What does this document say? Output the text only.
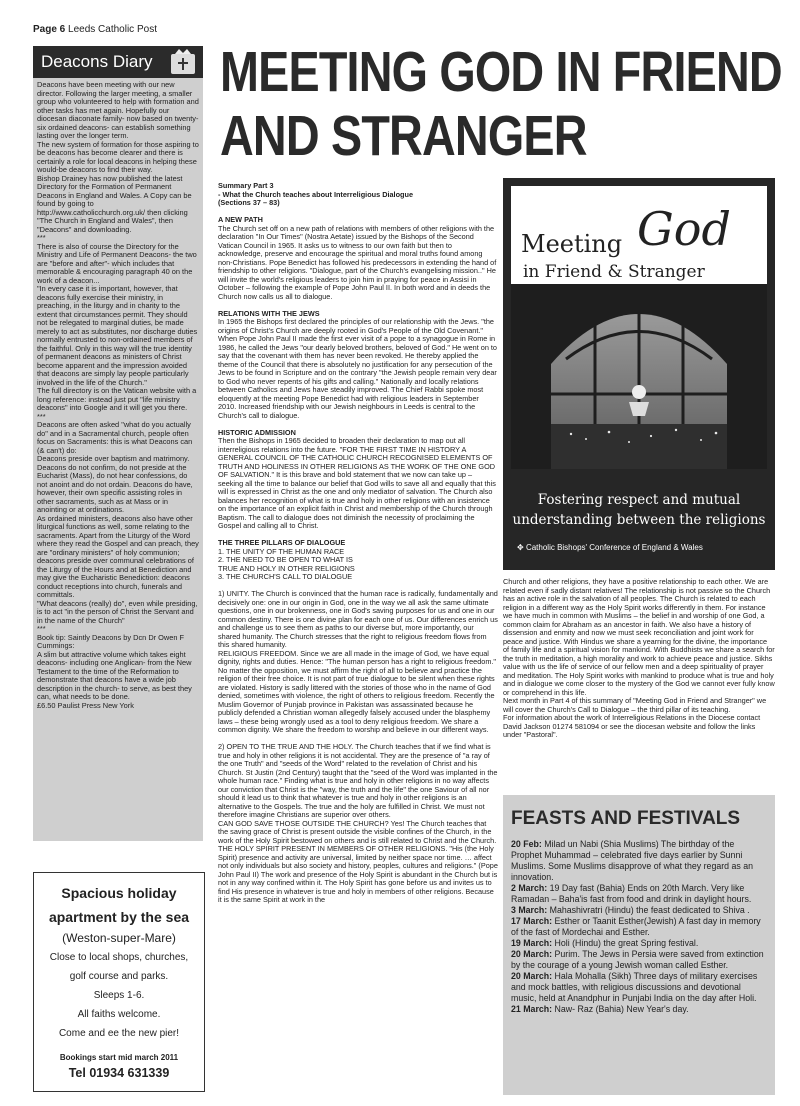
Page 6 Leeds Catholic Post
Deacons Diary
Deacons have been meeting with our new director. Following the larger meeting, a smaller group who volunteered to help with formation and other tasks has met again. Hopefully our diocesan diaconate family- now based on twenty-six ordained deacons- can establish something lasting over the longer term.
The new system of formation for those aspiring to be deacons has become clearer and there is certainly a role for local deacons in helping these would-be deacons to find their way.
Bishop Drainey has now published the latest Directory for the Formation of Permanent Deacons in England and Wales. A Copy can be found by going to http://www.catholicchurch.org.uk/ then clicking "The Church in England and Wales", then "Deacons" and downloading.
***
There is also of course the Directory for the Ministry and Life of Permanent Deacons- the two are "before and after"- which includes that memorable & encouraging paragraph 40 on the work of a deacon...
"In every case it is important, however, that deacons fully exercise their ministry, in preaching, in the liturgy and in charity to the extent that circumstances permit. They should not be relegated to marginal duties, be made merely to act as substitutes, nor discharge duties normally entrusted to non-ordained members of the faithful. Only in this way will the true identity of permanent deacons as ministers of Christ become apparent and the impression avoided that deacons are simply lay people particularly involved in the life of the Church."
The full directory is on the Vatican website with a long reference: instead just put "life ministry deacons" into Google and it will get you there.
***
Deacons are often asked "what do you actually do" and in a Sacramental church, people often focus on Sacraments: this is what Deacons can (& can't) do:
Deacons preside over baptism and matrimony. Deacons do not confirm, do not preside at the Eucharist (Mass), do not hear confessions, do not anoint and do not ordain. Deacons do have, however, their own specific assisting roles in other sacraments, such as at Mass or in anointing or at ordinations.
As ordained ministers, deacons also have other liturgical functions as well, some relating to the sacraments. Apart from the Liturgy of the Word where they read the Gospel and can preach, they are "ordinary ministers" of holy communion; deacons preside over communal celebrations of the Liturgy of the Hours and at Benediction and may give the Eucharistic Benediction: deacons conduct receptions into church, funerals and committals.
"What deacons (really) do", even while presiding, is to act "in the person of Christ the Servant and in the name of the Church"
***
Book tip: Saintly Deacons by Dcn Dr Owen F Cummings:
A slim but attractive volume which takes eight deacons- including one Anglican- from the New Testament to the time of the Reformation to demonstrate that deacons have a wide job description in the church- to serve, as best they can, what needs to be done.
£6.50 Paulist Press New York
MEETING GOD IN FRIEND
AND STRANGER
Summary Part 3
- What the Church teaches about Interreligious Dialogue
(Sections 37 – 83)

A NEW PATH
The Church set off on a new path of relations with members of other religions with the declaration "In Our Times" (Nostra Aetate) issued by the Bishops of the Second Vatican Council in 1965. It asks us to witness to our own faith but then to acknowledge, preserve and encourage the spiritual and moral truths found among non-Christians. Pope Benedict has followed his predecessors in extending the hand of friendship to other religions. "Dialogue, part of the Church's evangelising mission.." He will invite the world's religious leaders to join him in praying for peace in Assisi in October – following the example of Pope John Paul II. In both word and in deeds the Church now calls us all to dialogue.

RELATIONS WITH THE JEWS
In 1965 the Bishops first declared the principles of our relationship with the Jews. "the origins of Christ's Church are deeply rooted in God's People of the Old Covenant." When Pope John Paul II made the first ever visit of a pope to a synagogue in Rome in 1986, he called the Jews "our dearly beloved brothers, beloved of God." He went on to say that the covenant with them has never been revoked. He thereby applied the theme of the Council that there is absolutely no justification for any persecution of the Jews to be found in Scripture and on the contrary "the Jewish people remain very dear to God who never repents of his gifts and calling." Nationally and locally relations between Catholics and Jews have steadily improved. The Chief Rabbi spoke most eloquently at the meeting Pope Benedict had with religious leaders in September 2010. Increased friendship with our Jewish neighbours in Leeds is central to the Church's call to dialogue.

HISTORIC ADMISSION
Then the Bishops in 1965 decided to broaden their declaration to map out all interreligious relations into the future. "FOR THE FIRST TIME IN HISTORY A GENERAL COUNCIL OF THE CATHOLIC CHURCH RECOGNISED ELEMENTS OF TRUTH AND HOLINESS IN OTHER RELIGIONS AS THE WORK OF THE ONE GOD OF SALVATION." It is this brave and bold statement that we now can take up – seeking all the time to balance our belief that God wills to save all and equally that this will is expressed in Christ as the one and only mediator of salvation. The Church also balances her recognition of what is true and holy in other religions with an insistence on the importance of an explicit faith in Christ and membership of the Church through Baptism. The call to dialogue does not diminish the necessity of proclaiming the Gospel and calling all to Christ.

THE THREE PILLARS OF DIALOGUE
1. THE UNITY OF THE HUMAN RACE
2. THE NEED TO BE OPEN TO WHAT IS
TRUE AND HOLY IN OTHER RELIGIONS
3. THE CHURCH'S CALL TO DIALOGUE

1) UNITY. The Church is convinced that the human race is radically, fundamentally and decisively one: one in our origin in God, one in the way we all ask the same ultimate questions, one in our brokenness, one in God's saving purposes for us and one in our common destiny. There is one divine plan for each one of us. Our differences enrich us and challenge us to see them as paths to our diverse but, more importantly, our shared humanity. The Church stresses that the right to religious freedom flows from this shared humanity.
RELIGIOUS FREEDOM. Since we are all made in the image of God, we have equal dignity, rights and duties. Hence: "The human person has a right to religious freedom." No matter the opposition, we must affirm the right of all to believe and practice the religion of their free choice. It is not part of true dialogue to be silent when these rights are violated. History is sadly littered with the stories of those who in the name of God denied, sometimes with violence, the right of others to religious freedom. Recently the Muslim Governor of Punjab province in Pakistan was assassinated because he publicly defended a Christian woman allegedly falsely accused under the blasphemy laws – these being wrongly used as a tool to deny religious freedom. We share a common dignity. We share the freedom to worship and believe in our different ways.

2) OPEN TO THE TRUE AND THE HOLY. The Church teaches that if we find what is true and holy in other religions it is not accidental. They are the presence of "a ray of the one Truth" and "seeds of the Word" related to the revelation of Christ and his Church. St Justin (2nd Century) taught that the "seed of the Word was implanted in the whole human race." Finding what is true and holy in other religions in no way affects our conviction that Christ is the "way, the truth and the life" the one Saviour of all nor should it lead us to think that whatever is true and holy in other religions is an alternative to the Gospels. The true and the holy are fulfilled in Christ. We must not therefore imagine Christians are superior over others.
CAN GOD SAVE THOSE OUTSIDE THE CHURCH? Yes! The Church teaches that the saving grace of Christ is present outside the visible confines of the Church, in the work of the Holy Spirit bestowed on others and is still related to Christ and the Church.
THE HOLY SPIRIT PRESENT IN MEMBERS OF OTHER RELIGIONS. "His (the Holy Spirit) presence and activity are universal, limited by neither space nor time. … affect not only individuals but also society and history, peoples, cultures and religions." (Pope John Paul II) The work and presence of the Holy Spirit is abundant in the Church but is not in any way confined within it. The Holy Spirit has gone before us and invites us to find His presence in whatever is true and holy in members of other religions. Because it is the same Spirit at work in the
Meeting God
in Friend & Stranger
Fostering respect and mutual understanding between the religions
✥ Catholic Bishops' Conference of England & Wales
Church and other religions, they have a positive relationship to each other. We are related even if sadly distant relatives! The relationship is not passive so the Church has an active role in the salvation of all peoples. The Church is related to each religion in a different way as the Holy Spirit works differently in them. For instance we have much in common with Muslims – the belief in and worship of one God, a common claim for Abraham as an ancestor in faith. We also have a history of dissension and enmity and now we must seek reconciliation and joint work for peace and justice. With Hindus we share a yearning for the divine, the importance of family life and a spiritual vision for mankind. With Buddhists we share a search for the truth in meditation, a high morality and work to achieve peace and justice. Sikhs value with us the life of service of our fellow men and a deep spirituality of prayer and meditation. The Holy Spirit works with mankind to produce what is true and holy and in dialogue we come closer to the mystery of the God we cannot ever fully know or comprehend in this life.
Next month in Part 4 of this summary of "Meeting God in Friend and Stranger" we will cover the Church's Call to Dialogue – the third pillar of its teaching.
For information about the work of Interreligious Relations in the Diocese contact David Jackson 01274 581094 or see the diocesan website and follow the links under "Pastoral".
Spacious holiday
apartment by the sea
(Weston-super-Mare)
Close to local shops, churches,
golf course and parks.
Sleeps 1-6.
All faiths welcome.
Come and ee the new pier!
Bookings start mid march 2011
Tel 01934 631339
FEASTS AND FESTIVALS
20 Feb: Milad un Nabi (Shia Muslims) The birthday of the Prophet Muhammad – celebrated five days earlier by Sunni Muslims. Some Muslims disapprove of what they regard as an innovation.
2 March: 19 Day fast (Bahia) Ends on 20th March. Very like Ramadan – Baha'is fast from food and drink in daylight hours.
3 March: Mahashivratri (Hindu) the feast dedicated to Shiva .
17 March: Esther or Taanit Esther(Jewish) A fast day in memory of the fast of Mordechai and Esther.
19 March: Holi (Hindu) the great Spring festival.
20 March: Purim. The Jews in Persia were saved from extinction by the courage of a young Jewish woman called Esther.
20 March: Hala Mohalla (Sikh) Three days of military exercises and mock battles, with religious discussions and devotional music, held at Anandphur in Punjabi India on the day after Holi.
21 March: Naw- Raz (Bahia) New Year's day.
